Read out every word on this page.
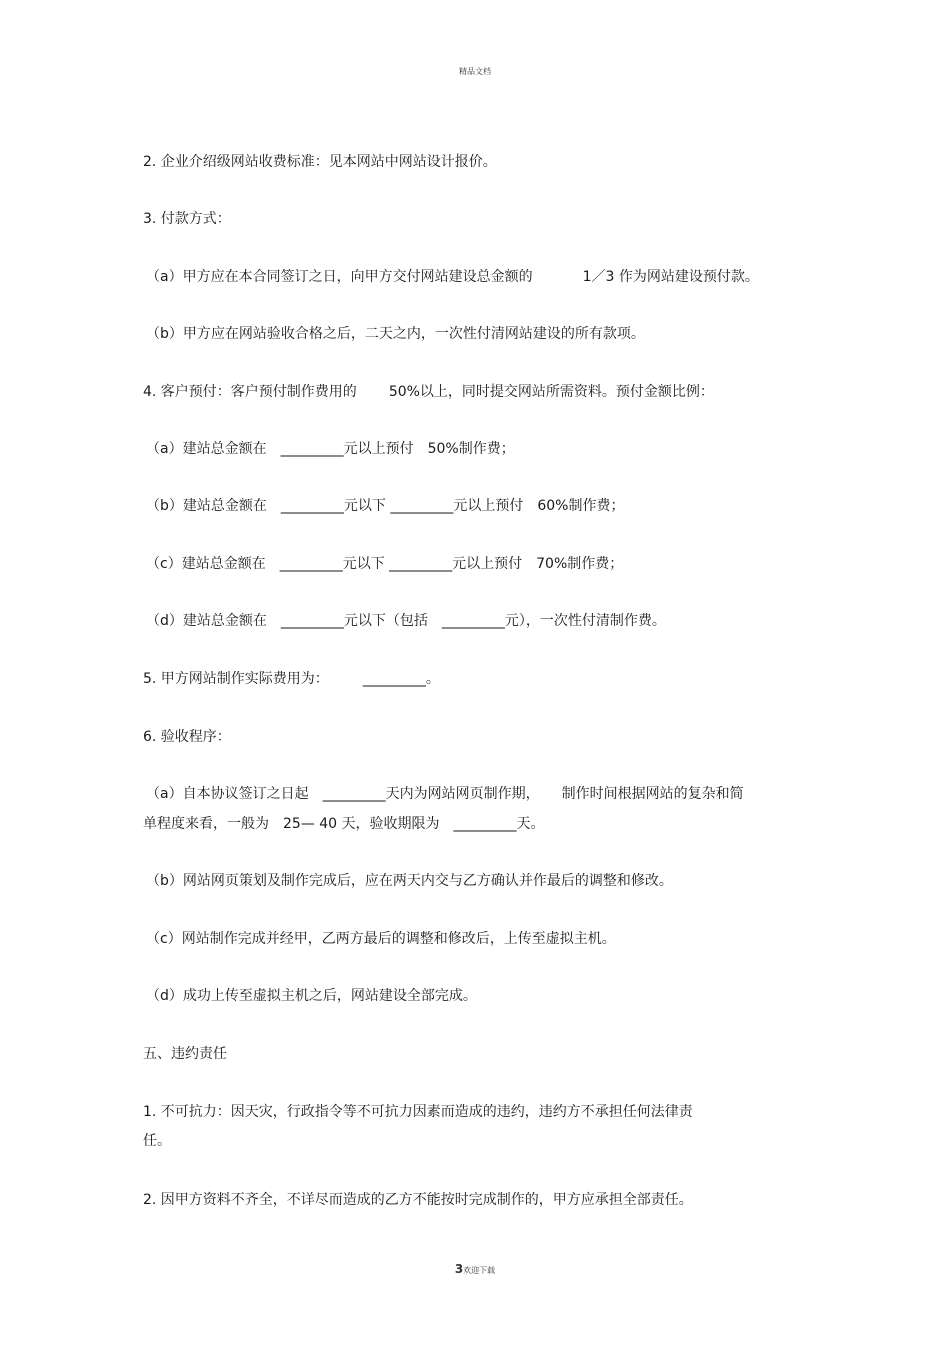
精品文档
2. 企业介绍级网站收费标准：见本网站中网站设计报价。
3. 付款方式：
（a）甲方应在本合同签订之日，向甲方交付网站建设总金额的	1／3 作为网站建设预付款。
（b）甲方应在网站验收合格之后，二天之内，一次性付清网站建设的所有款项。
4. 客户预付：客户预付制作费用的 50%以上，同时提交网站所需资料。预付金额比例：
（a）建站总金额在　_________元以上预付　50%制作费；
（b）建站总金额在　_________元以下 _________元以上预付　60%制作费；
（c）建站总金额在　_________元以下 _________元以上预付　70%制作费；
（d）建站总金额在　_________元以下（包括　_________元），一次性付清制作费。
5. 甲方网站制作实际费用为： _________。
6. 验收程序：
（a）自本协议签订之日起　_________天内为网站网页制作期， 制作时间根据网站的复杂和简
单程度来看，一般为　25— 40 天，验收期限为　_________天。
（b）网站网页策划及制作完成后，应在两天内交与乙方确认并作最后的调整和修改。
（c）网站制作完成并经甲，乙两方最后的调整和修改后，上传至虚拟主机。
（d）成功上传至虚拟主机之后，网站建设全部完成。
五、违约责任
1. 不可抗力：因天灾，行政指令等不可抗力因素而造成的违约，违约方不承担任何法律责
任。
2. 因甲方资料不齐全，不详尽而造成的乙方不能按时完成制作的，甲方应承担全部责任。
3欢迎下载
